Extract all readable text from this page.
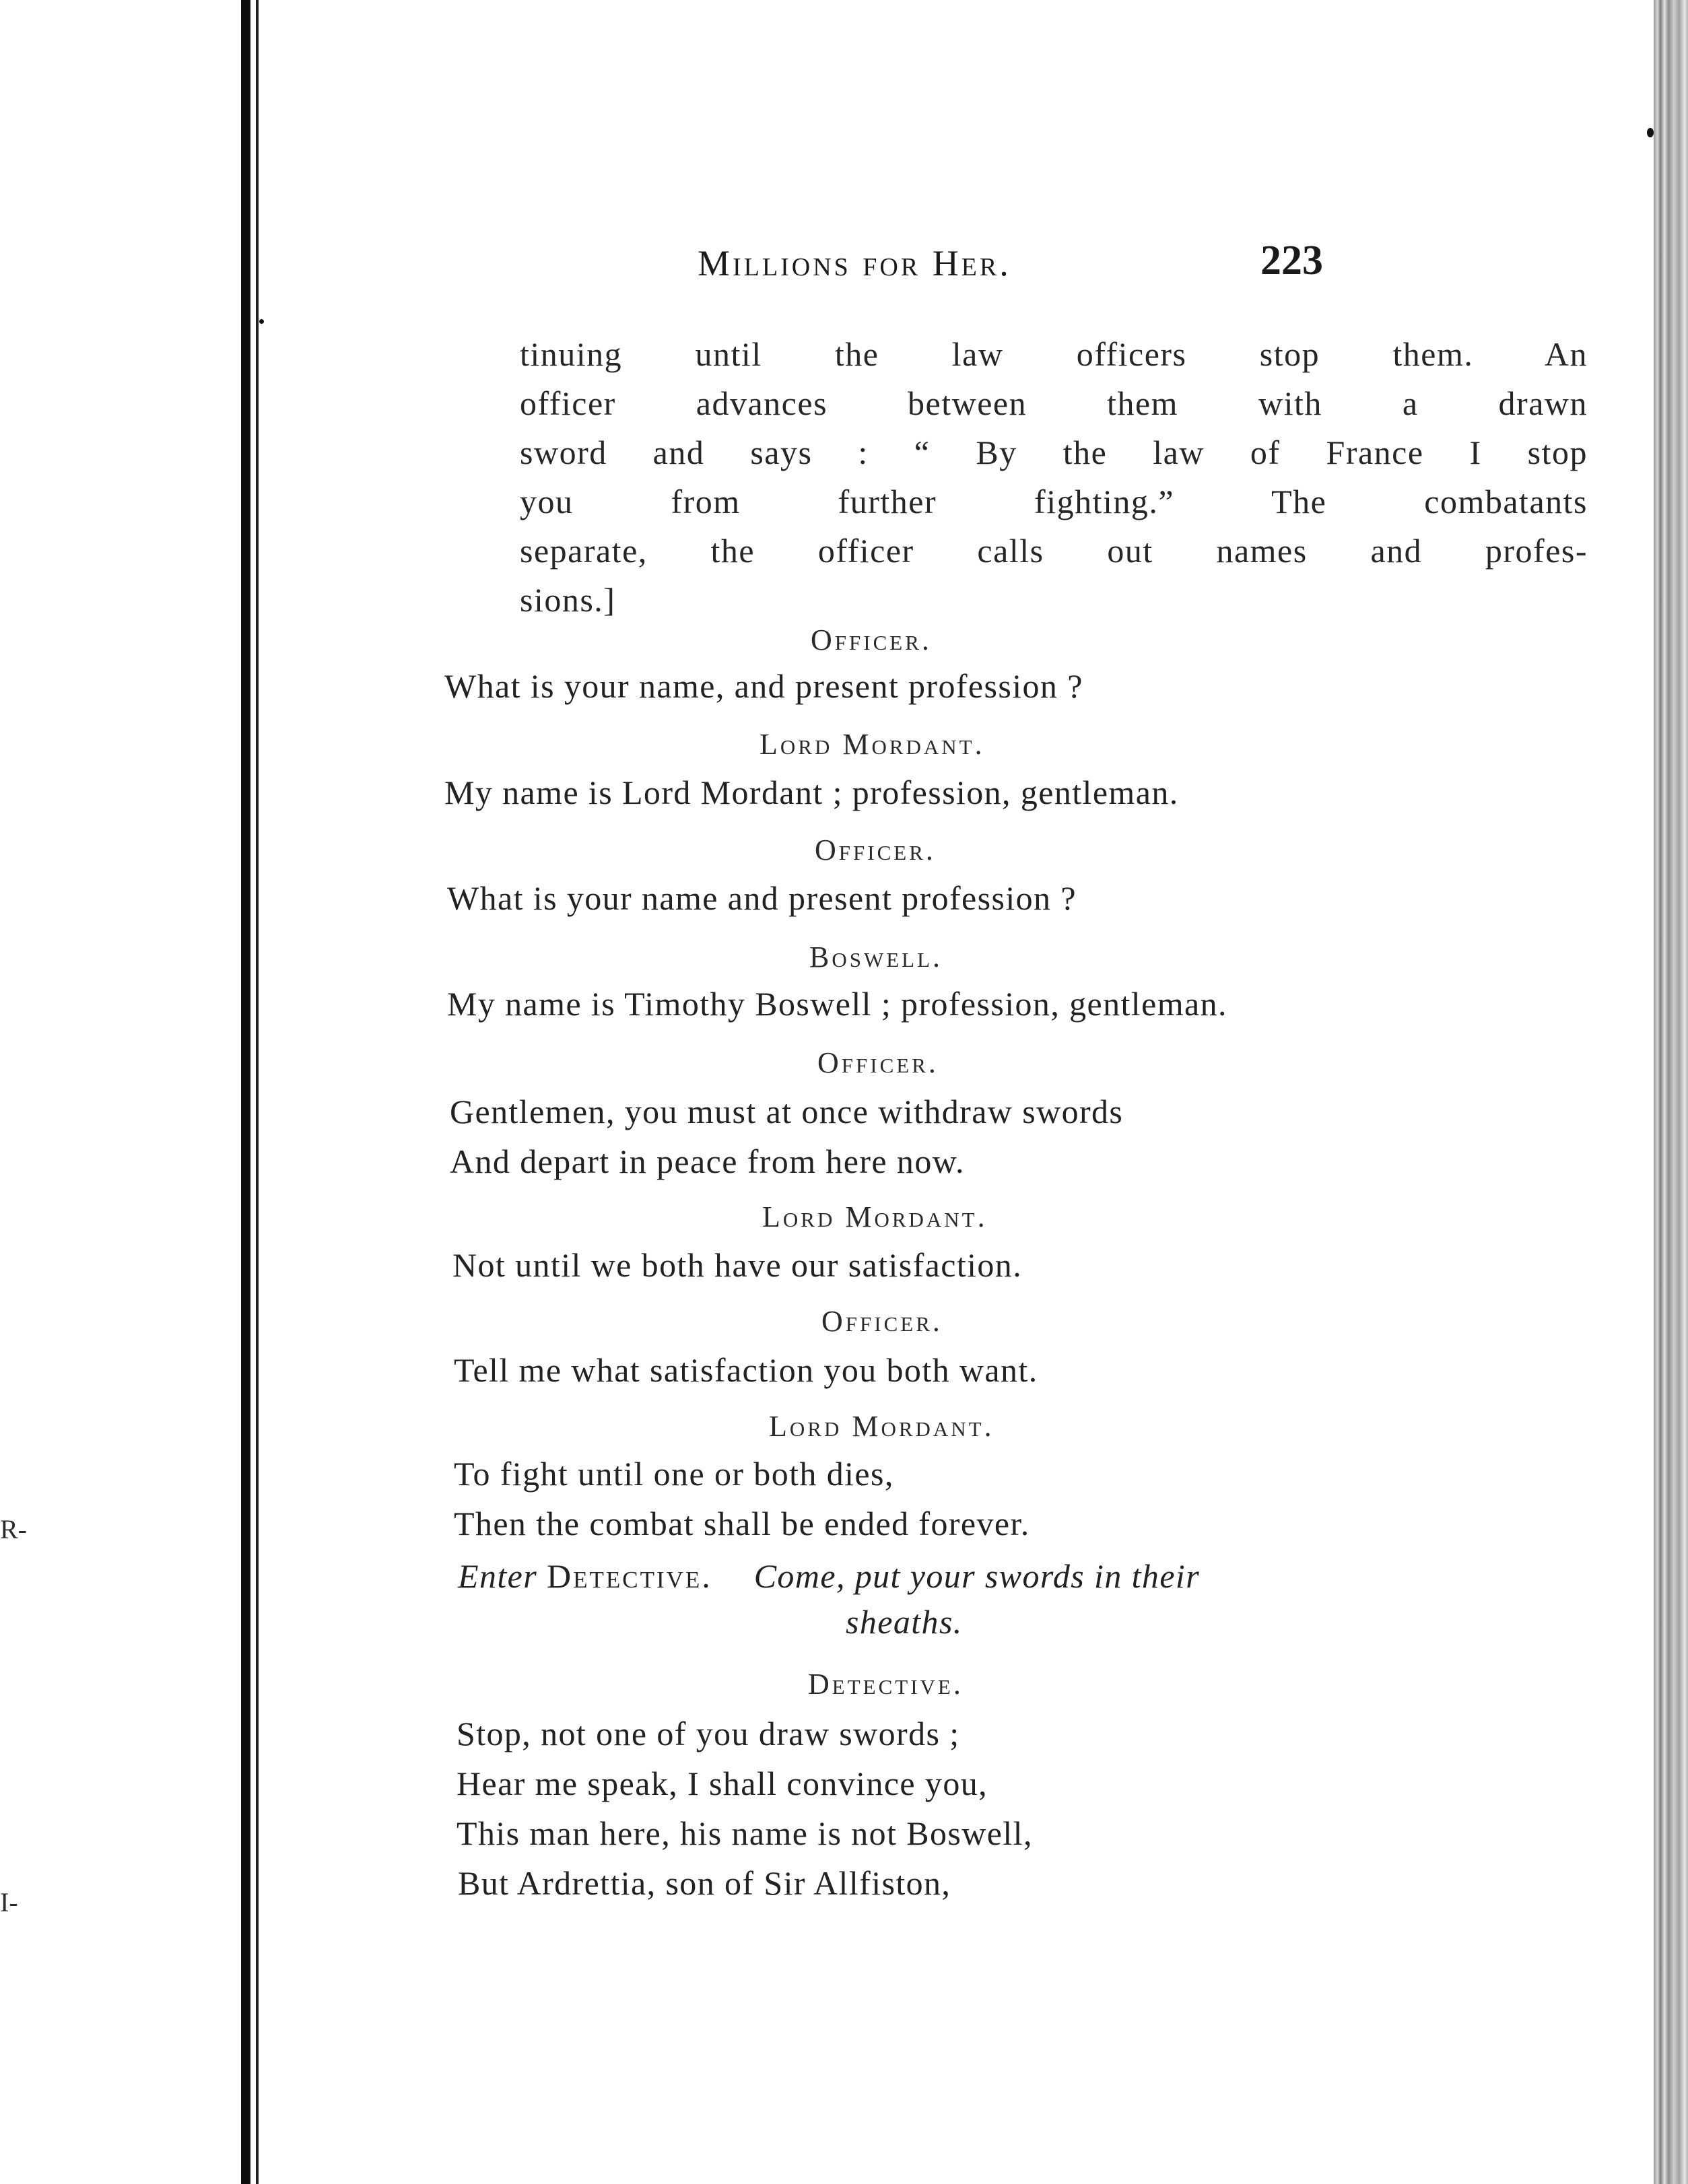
R-
I-
Millions for Her.	223
tinuing until the law officers stop them. An
officer advances between them with a drawn
sword and says : “ By the law of France I stop
you from further fighting.” The combatants
separate, the officer calls out names and profes-
sions.]
Officer.
What is your name, and present profession ?
Lord Mordant.
My name is Lord Mordant ; profession, gentleman.
Officer.
What is your name and present profession ?
Boswell.
My name is Timothy Boswell ; profession, gentleman.
Officer.
Gentlemen, you must at once withdraw swords
And depart in peace from here now.
Lord Mordant.
Not until we both have our satisfaction.
Officer.
Tell me what satisfaction you both want.
Lord Mordant.
To fight until one or both dies,
Then the combat shall be ended forever.
Enter Detective. Come, put your swords in their
sheaths.
Detective.
Stop, not one of you draw swords ;
Hear me speak, I shall convince you,
This man here, his name is not Boswell,
But Ardrettia, son of Sir Allfiston,
